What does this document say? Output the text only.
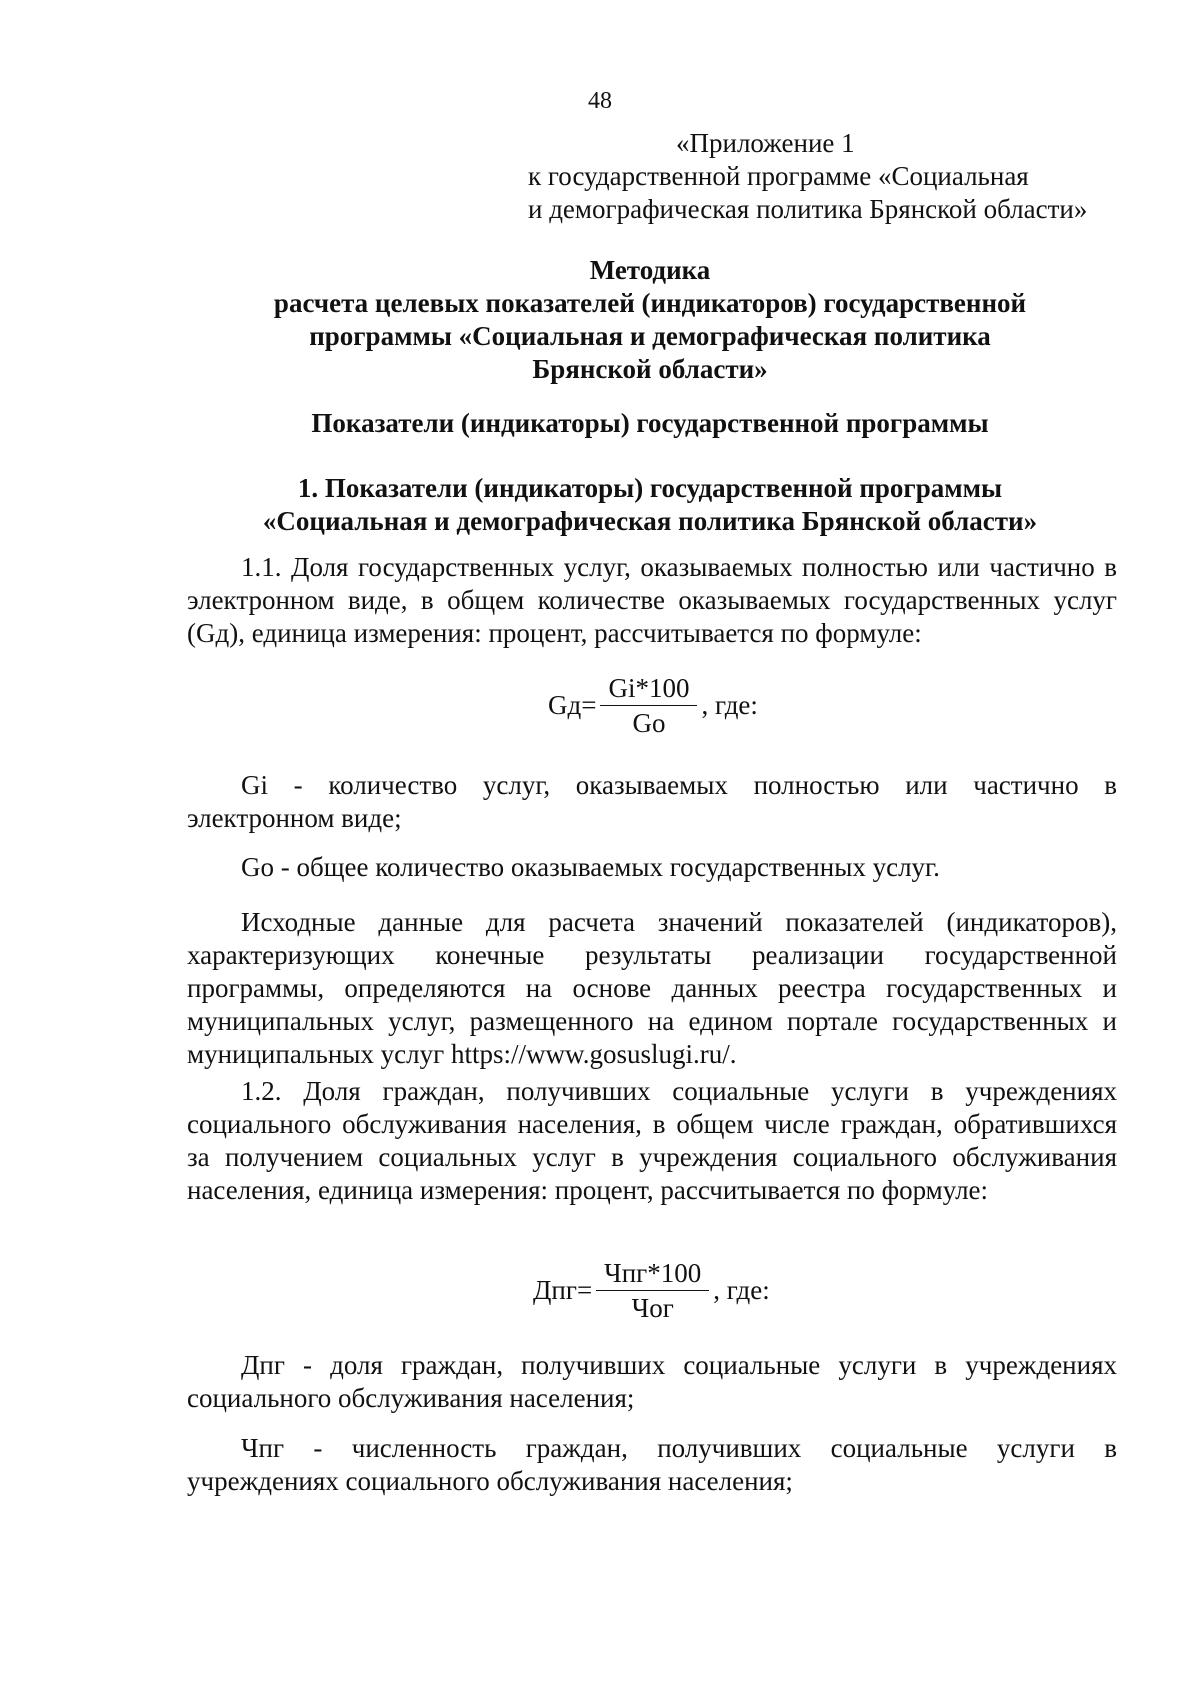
48
«Приложение 1
к государственной программе «Социальная
и демографическая политика Брянской области»
Методика
расчета целевых показателей (индикаторов) государственной
программы «Социальная и демографическая политика
Брянской области»
Показатели (индикаторы) государственной программы
1. Показатели (индикаторы) государственной программы
«Социальная и демографическая политика Брянской области»

1.1. Доля государственных услуг, оказываемых полностью или частично в электронном виде, в общем количестве оказываемых государственных услуг (Gд), единица измерения: процент, рассчитывается по формуле:

$Gд= \frac{Gi*100}{Go}$ , где:

Gi - количество услуг, оказываемых полностью или частично в электронном виде;

Go - общее количество оказываемых государственных услуг.

Исходные данные для расчета значений показателей (индикаторов), характеризующих конечные результаты реализации государственной программы, определяются на основе данных реестра государственных и муниципальных услуг, размещенного на едином портале государственных и муниципальных услуг https://www.gosuslugi.ru/.

1.2. Доля граждан, получивших социальные услуги в учреждениях социального обслуживания населения, в общем числе граждан, обратившихся за получением социальных услуг в учреждения социального обслуживания населения, единица измерения: процент, рассчитывается по формуле:

$Дпг= \frac{\text{Чпг*100}}{\text{Чог}}$ , где:

Дпг - доля граждан, получивших социальные услуги в учреждениях социального обслуживания населения;

Чпг - численность граждан, получивших социальные услуги в учреждениях социального обслуживания населения;
